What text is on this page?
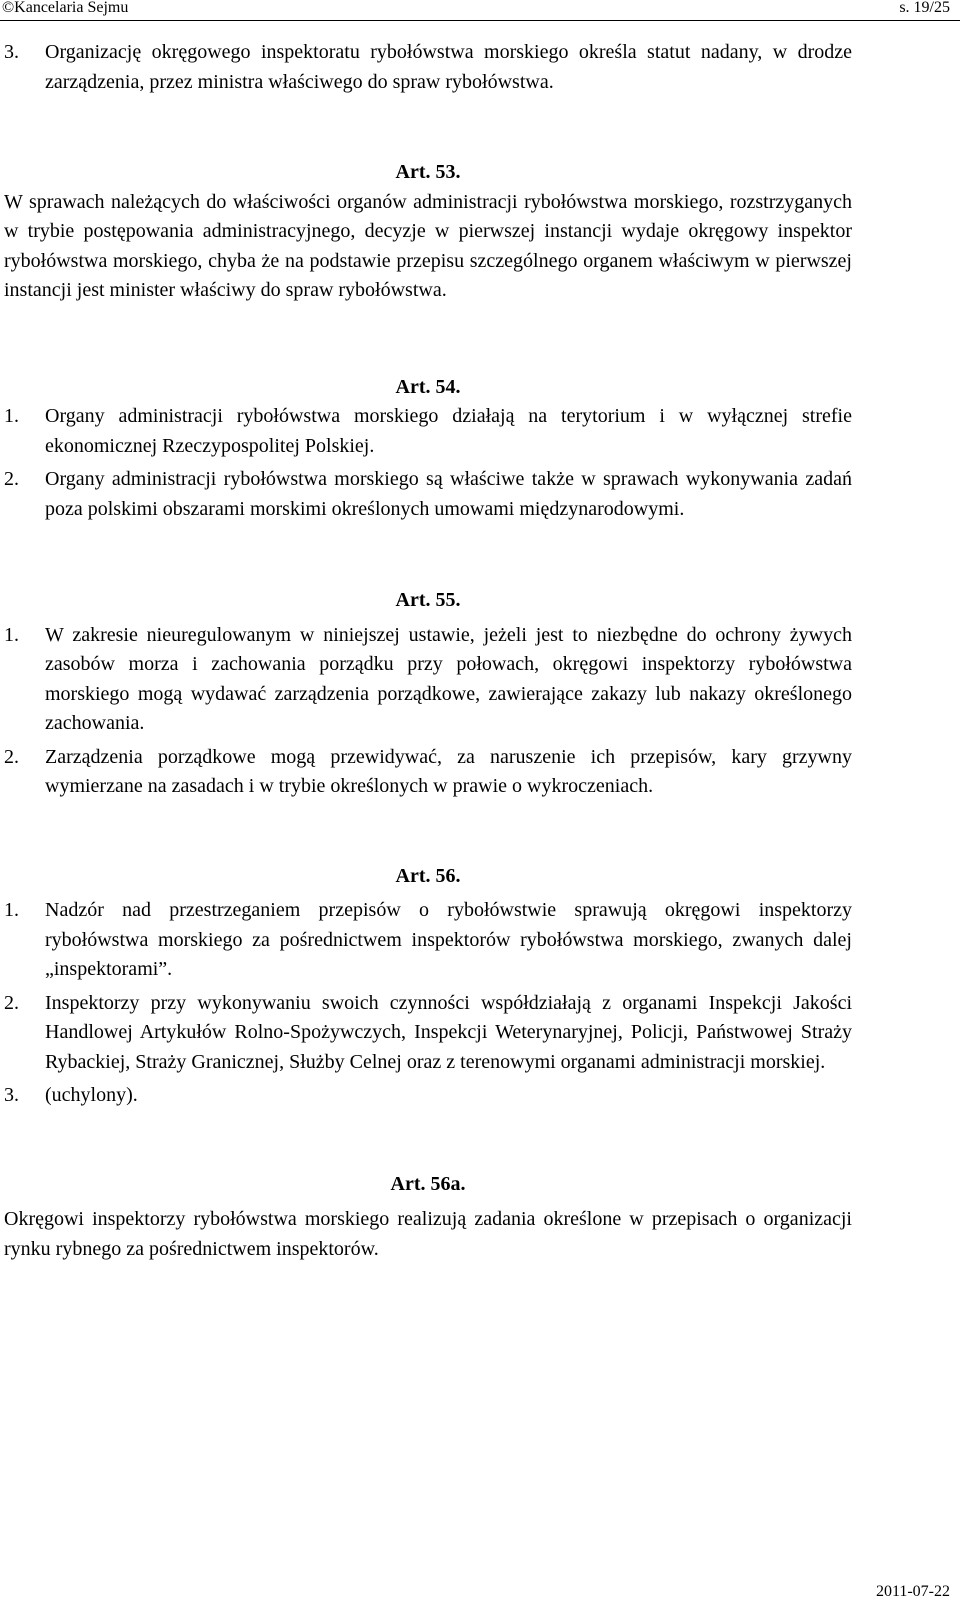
©Kancelaria Sejmu	s. 19/25
3.	Organizację okręgowego inspektoratu rybołówstwa morskiego określa statut nadany, w drodze zarządzenia, przez ministra właściwego do spraw rybołówstwa.

Art. 53.

W sprawach należących do właściwości organów administracji rybołówstwa morskiego, rozstrzyganych w trybie postępowania administracyjnego, decyzje w pierwszej instancji wydaje okręgowy inspektor rybołówstwa morskiego, chyba że na podstawie przepisu szczególnego organem właściwym w pierwszej instancji jest minister właściwy do spraw rybołówstwa.

Art. 54.

1.	Organy administracji rybołówstwa morskiego działają na terytorium i w wyłącznej strefie ekonomicznej Rzeczypospolitej Polskiej.
2.	Organy administracji rybołówstwa morskiego są właściwe także w sprawach wykonywania zadań poza polskimi obszarami morskimi określonych umowami międzynarodowymi.

Art. 55.

1.	W zakresie nieuregulowanym w niniejszej ustawie, jeżeli jest to niezbędne do ochrony żywych zasobów morza i zachowania porządku przy połowach, okręgowi inspektorzy rybołówstwa morskiego mogą wydawać zarządzenia porządkowe, zawierające zakazy lub nakazy określonego zachowania.
2.	Zarządzenia porządkowe mogą przewidywać, za naruszenie ich przepisów, kary grzywny wymierzane na zasadach i w trybie określonych w prawie o wykroczeniach.

Art. 56.

1.	Nadzór nad przestrzeganiem przepisów o rybołówstwie sprawują okręgowi inspektorzy rybołówstwa morskiego za pośrednictwem inspektorów rybołówstwa morskiego, zwanych dalej „inspektorami”.
2.	Inspektorzy przy wykonywaniu swoich czynności współdziałają z organami Inspekcji Jakości Handlowej Artykułów Rolno-Spożywczych, Inspekcji Weterynaryjnej, Policji, Państwowej Straży Rybackiej, Straży Granicznej, Służby Celnej oraz z terenowymi organami administracji morskiej.
3.	(uchylony).

Art. 56a.

Okręgowi inspektorzy rybołówstwa morskiego realizują zadania określone w przepisach o organizacji rynku rybnego za pośrednictwem inspektorów.

2011-07-22
